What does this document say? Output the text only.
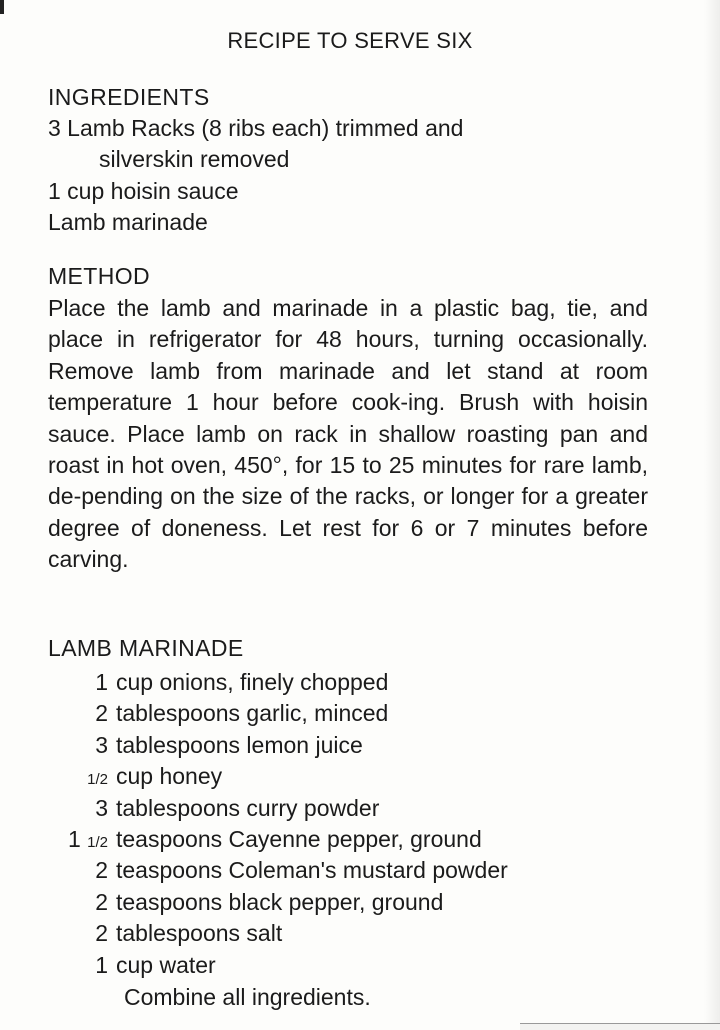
RECIPE TO SERVE SIX
INGREDIENTS
3 Lamb Racks (8 ribs each) trimmed and
silverskin removed
1 cup hoisin sauce
Lamb marinade
METHOD
Place the lamb and marinade in a plastic bag, tie, and place in refrigerator for 48 hours, turning occasionally. Remove lamb from marinade and let stand at room temperature 1 hour before cook-ing. Brush with hoisin sauce. Place lamb on rack in shallow roasting pan and roast in hot oven, 450°, for 15 to 25 minutes for rare lamb, de-pending on the size of the racks, or longer for a greater degree of doneness. Let rest for 6 or 7 minutes before carving.
LAMB MARINADE
1 cup onions, finely chopped
2 tablespoons garlic, minced
3 tablespoons lemon juice
1/2 cup honey
3 tablespoons curry powder
1 1/2 teaspoons Cayenne pepper, ground
2 teaspoons Coleman's mustard powder
2 teaspoons black pepper, ground
2 tablespoons salt
1 cup water
Combine all ingredients.
